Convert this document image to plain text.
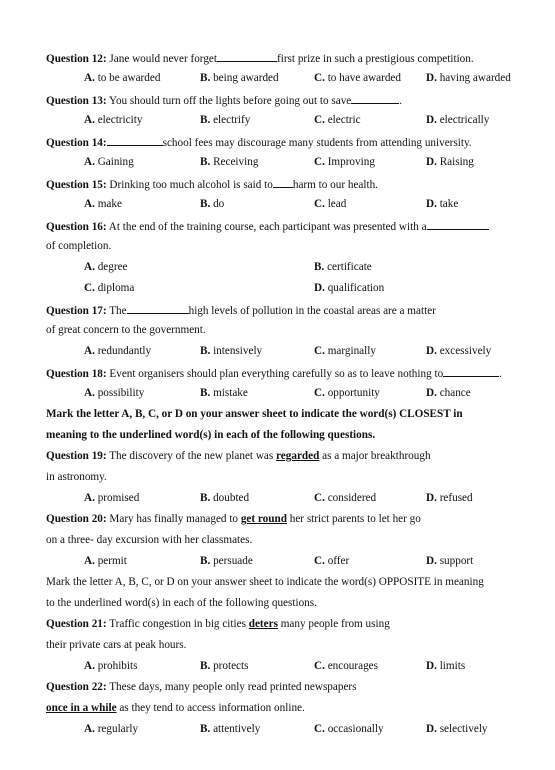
Question 12: Jane would never forget	first prize in such a prestigious competition.
A. to be awarded	B. being awarded	C. to have awarded D. having awarded
Question 13: You should turn off the lights before going out to save	.
A. electricity	B. electrify	C. electric	D. electrically
Question 14:	school fees may discourage many students from attending university.
A. Gaining	B. Receiving	C. Improving	D. Raising
Question 15: Drinking too much alcohol is said to harm to our health.
A. make	B. do	C. lead	D. take
Question 16: At the end of the training course, each participant was presented with a
of completion.
A. degree	B. certificate
C. diploma	D. qualification
Question 17: The	high levels of pollution in the coastal areas are a matter
of great concern to the government.
A. redundantly	B. intensively	C. marginally	D. excessively
Question 18: Event organisers should plan everything carefully so as to leave nothing to	.
A. possibility	B. mistake	C. opportunity	D. chance
Mark the letter A, B, C, or D on your answer sheet to indicate the word(s) CLOSEST in
meaning to the underlined word(s) in each of the following questions.
Question 19: The discovery of the new planet was regarded as a major breakthrough
in astronomy.
A. promised	B. doubted	C. considered	D. refused
Question 20: Mary has finally managed to get round her strict parents to let her go
on a three- day excursion with her classmates.
A. permit	B. persuade	C. offer	D. support
Mark the letter A, B, C, or D on your answer sheet to indicate the word(s) OPPOSITE in meaning
to the underlined word(s) in each of the following questions.
Question 21: Traffic congestion in big cities deters many people from using
their private cars at peak hours.
A. prohibits	B. protects	C. encourages	D. limits
Question 22: These days, many people only read printed newspapers
once in a while as they tend to access information online.
A. regularly	B. attentively	C. occasionally	D. selectively
